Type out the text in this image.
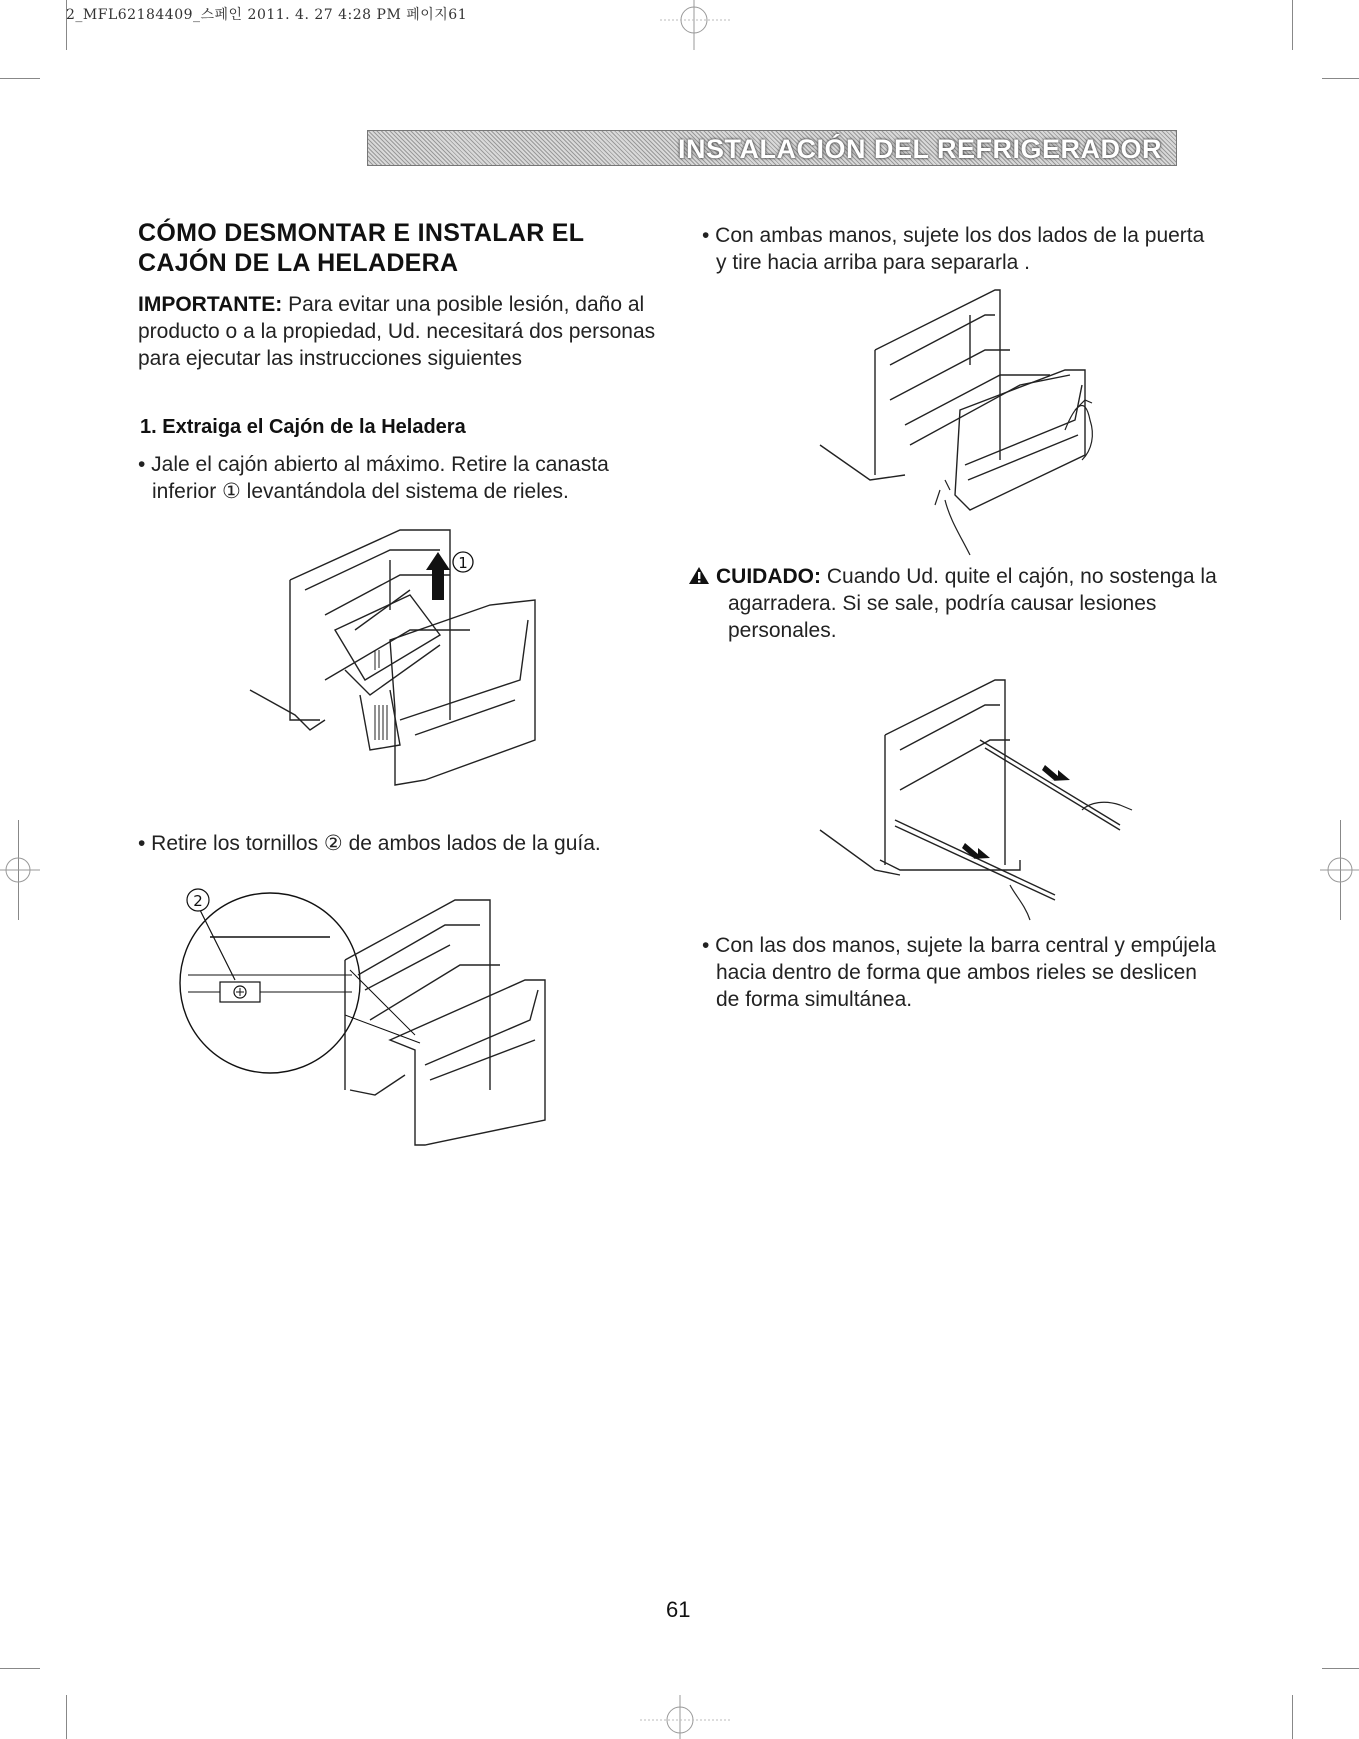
2_MFL62184409_스페인 2011. 4. 27 4:28 PM 페이지61
INSTALACIÓN DEL REFRIGERADOR
CÓMO DESMONTAR E INSTALAR EL CAJÓN DE LA HELADERA
IMPORTANTE: Para evitar una posible lesión, daño al producto o a la propiedad, Ud. necesitará dos personas para ejecutar las instrucciones siguientes
1. Extraiga el Cajón de la Heladera
• Jale el cajón abierto al máximo. Retire la canasta inferior ① levantándola del sistema de rieles.
1
• Retire los tornillos ② de ambos lados de la guía.
2
• Con ambas manos, sujete los dos lados de la puerta y tire hacia arriba para separarla .
CUIDADO: Cuando Ud. quite el cajón, no sostenga la agarradera. Si se sale, podría causar lesiones personales.
• Con las dos manos, sujete la barra central y empújela hacia dentro de forma que ambos rieles se deslicen de forma simultánea.
61
